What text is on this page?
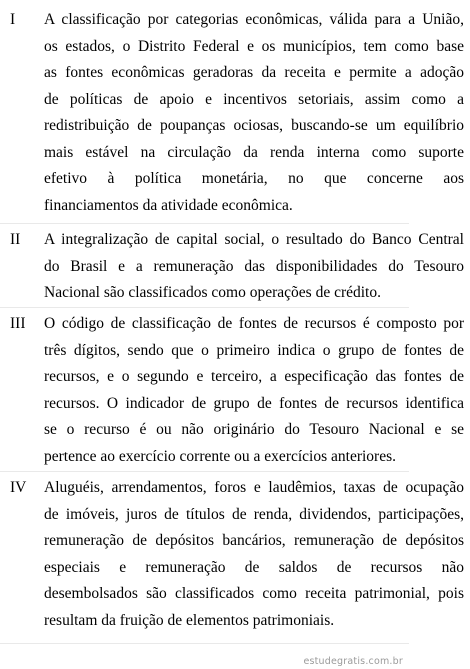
I A classificação por categorias econômicas, válida para a União,
os estados, o Distrito Federal e os municípios, tem como base
as fontes econômicas geradoras da receita e permite a adoção
de políticas de apoio e incentivos setoriais, assim como a
redistribuição de poupanças ociosas, buscando-se um equilíbrio
mais estável na circulação da renda interna como suporte
efetivo à política monetária, no que concerne aos
financiamentos da atividade econômica.
II A integralização de capital social, o resultado do Banco Central
do Brasil e a remuneração das disponibilidades do Tesouro
Nacional são classificados como operações de crédito.
III O código de classificação de fontes de recursos é composto por
três dígitos, sendo que o primeiro indica o grupo de fontes de
recursos, e o segundo e terceiro, a especificação das fontes de
recursos. O indicador de grupo de fontes de recursos identifica
se o recurso é ou não originário do Tesouro Nacional e se
pertence ao exercício corrente ou a exercícios anteriores.
IV Aluguéis, arrendamentos, foros e laudêmios, taxas de ocupação
de imóveis, juros de títulos de renda, dividendos, participações,
remuneração de depósitos bancários, remuneração de depósitos
especiais e remuneração de saldos de recursos não
desembolsados são classificados como receita patrimonial, pois
resultam da fruição de elementos patrimoniais.
estudegratis.com.br
